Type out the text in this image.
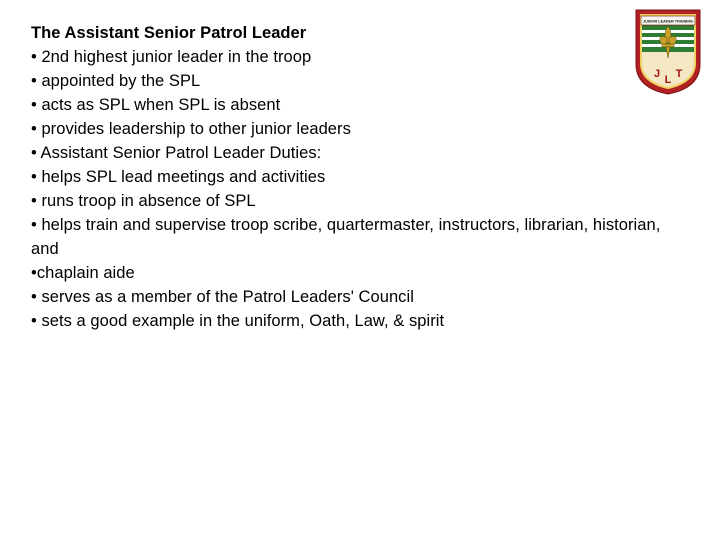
The Assistant Senior Patrol Leader
• 2nd highest junior leader in the troop
• appointed by the SPL
• acts as SPL when SPL is absent
• provides leadership to other junior leaders
• Assistant Senior Patrol Leader Duties:
• helps SPL lead meetings and activities
• runs troop in absence of SPL
• helps train and supervise troop scribe, quartermaster, instructors, librarian, historian, and
•chaplain aide
• serves as a member of the Patrol Leaders' Council
• sets a good example in the uniform, Oath, Law, & spirit
JUNIOR LEADER TRAINING
J L T
